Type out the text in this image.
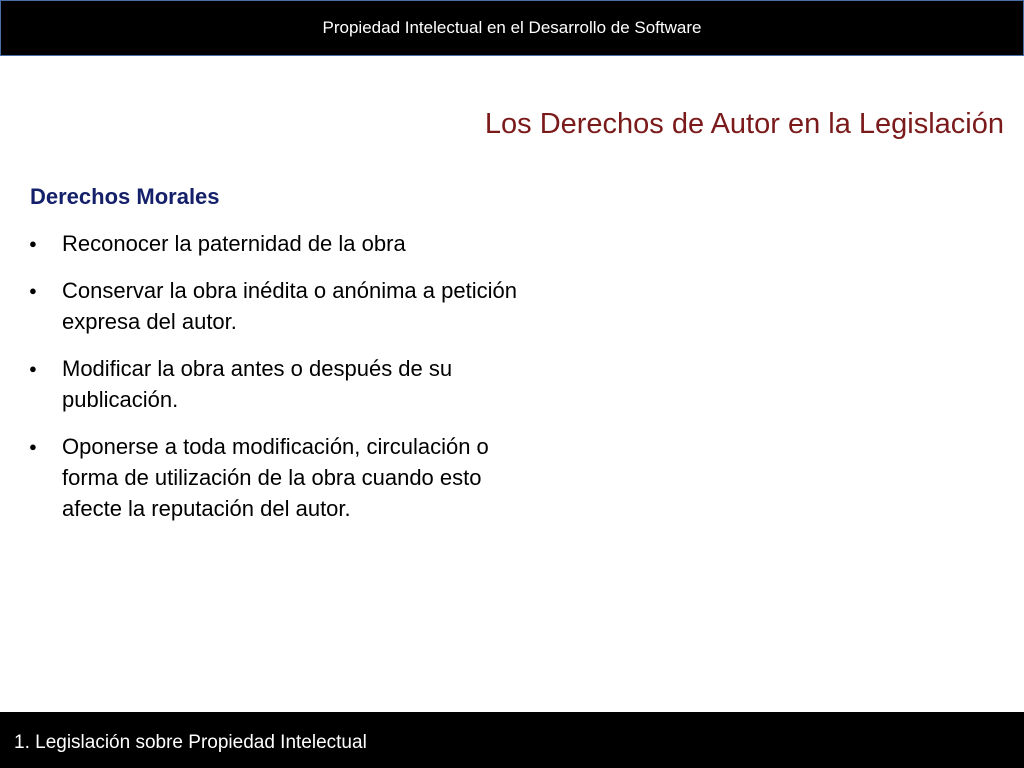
Propiedad Intelectual en el Desarrollo de Software
Los Derechos de Autor en la Legislación
Derechos Morales
● Reconocer la paternidad de la obra
● Conservar la obra inédita o anónima a petición expresa del autor.
● Modificar la obra antes o después de su publicación.
● Oponerse a toda modificación, circulación o forma de utilización de la obra cuando esto afecte la reputación del autor.
1. Legislación sobre Propiedad Intelectual
